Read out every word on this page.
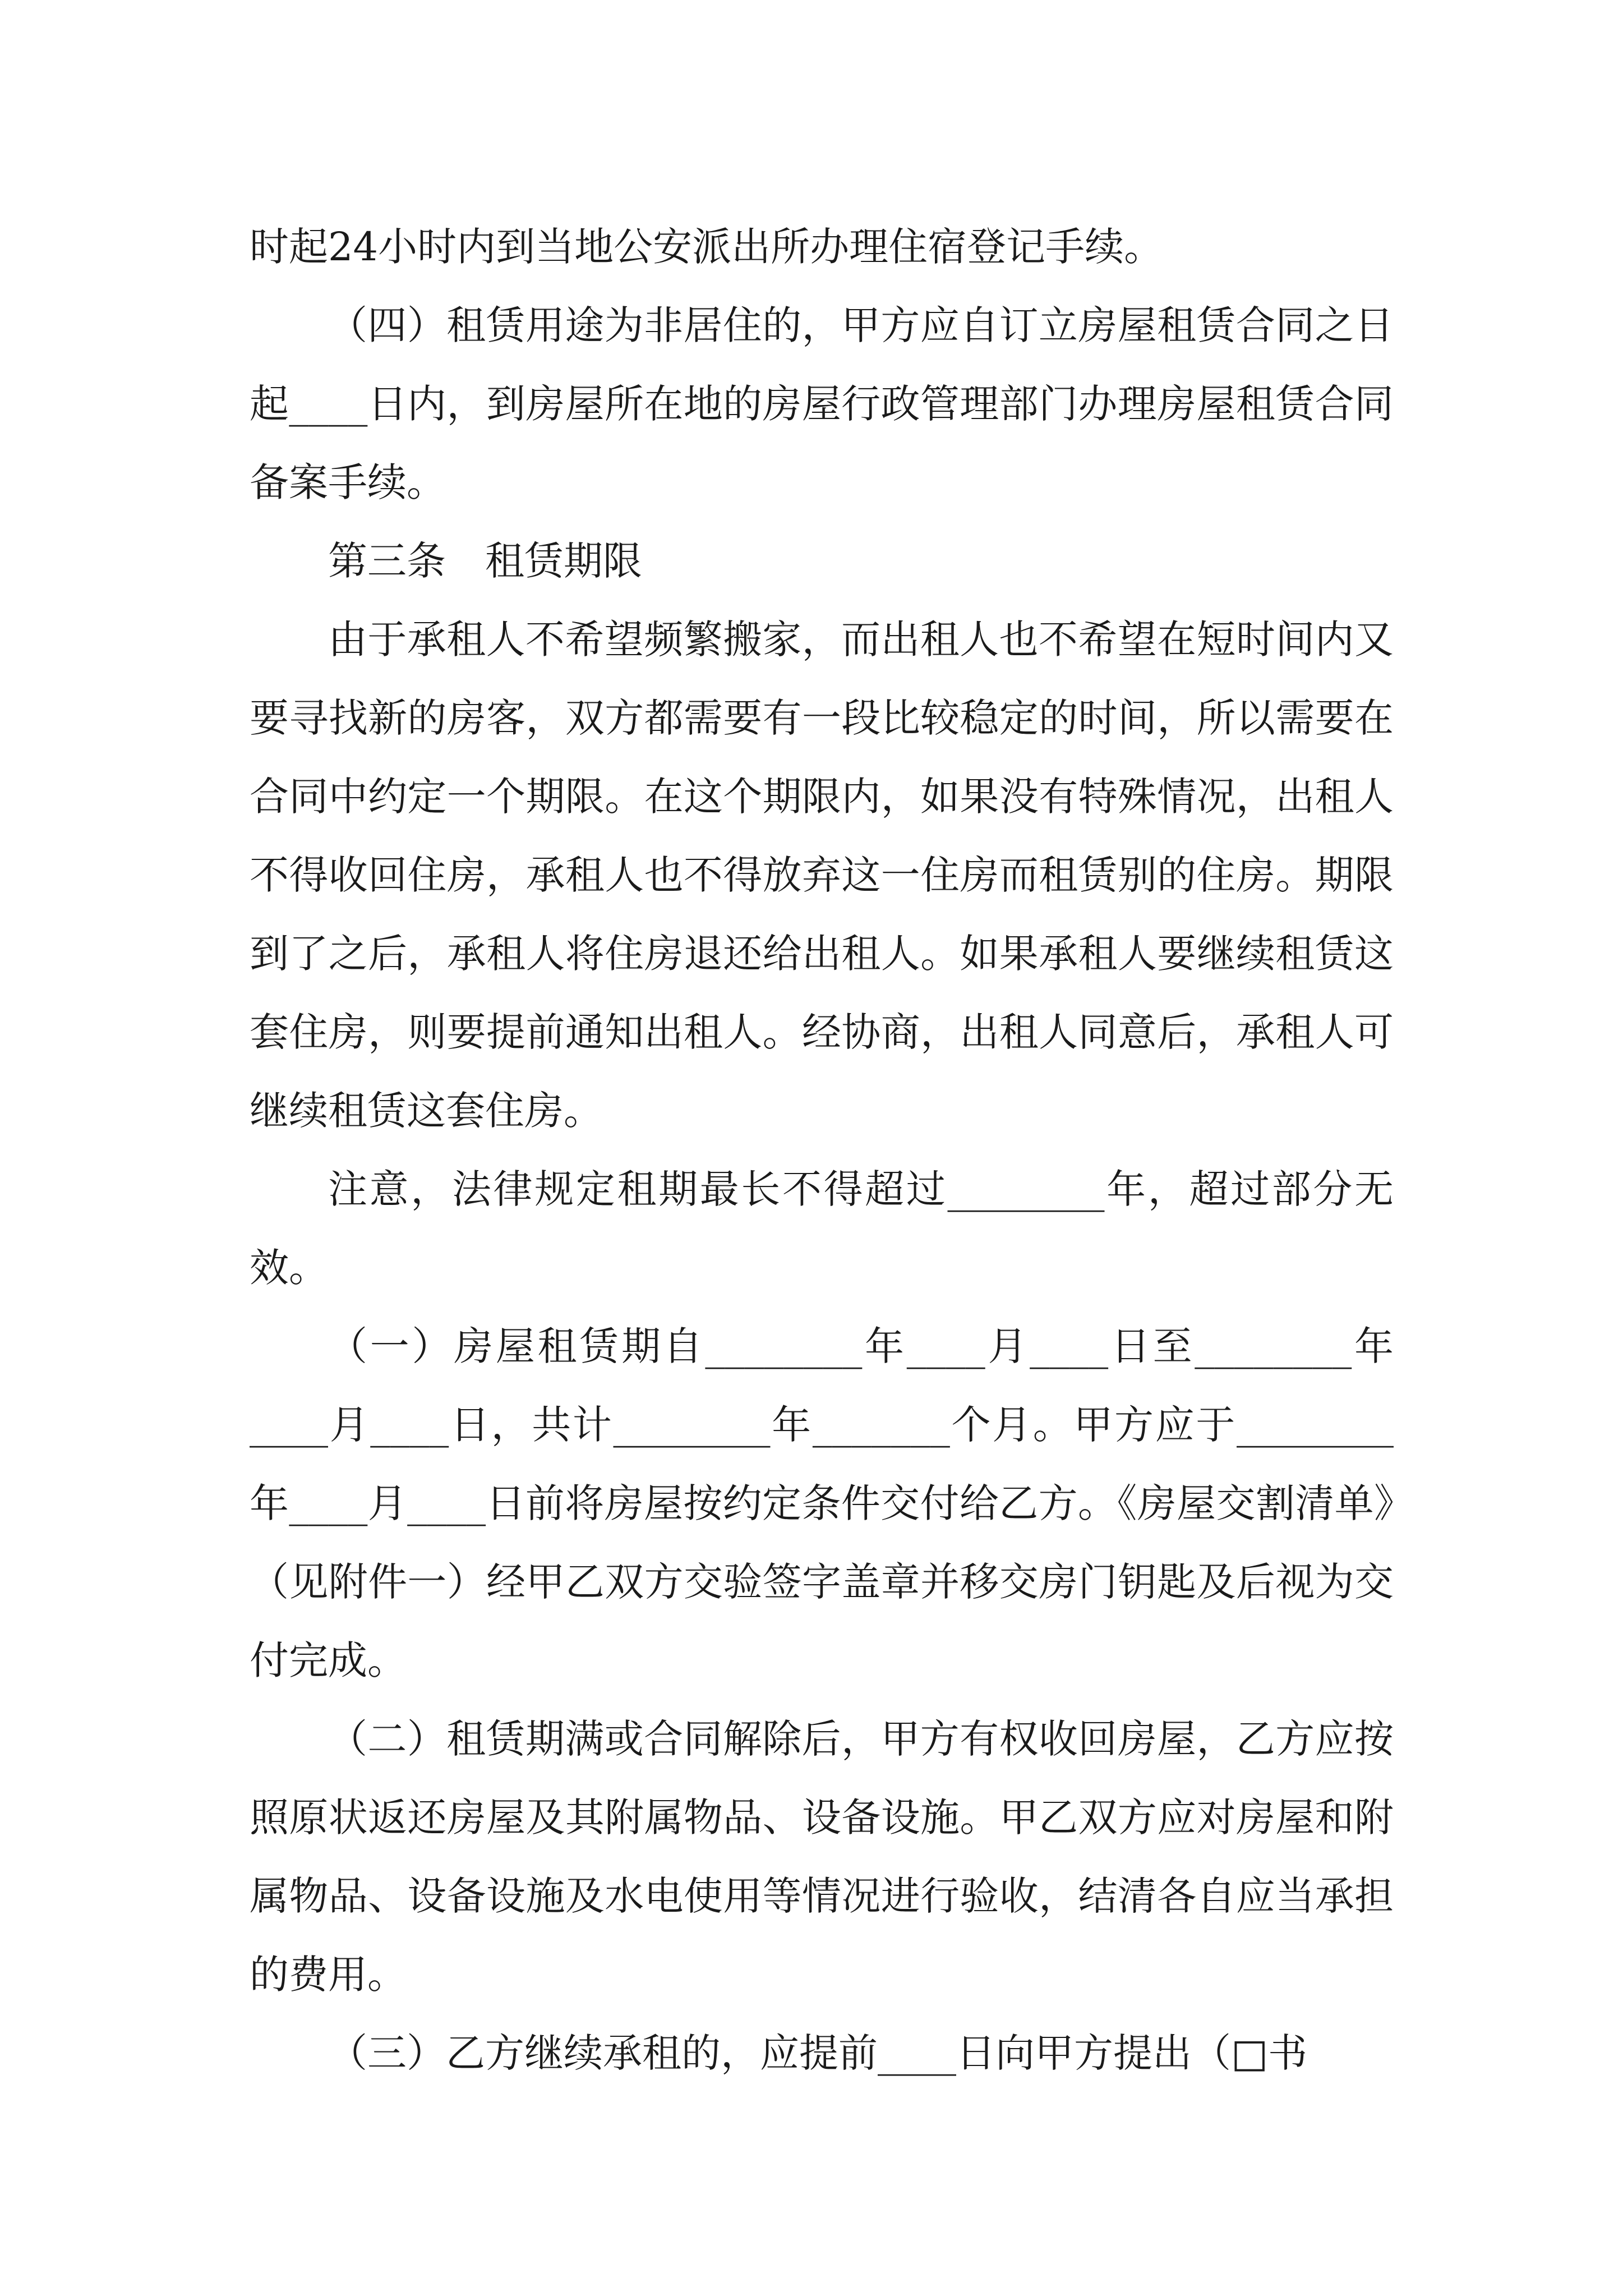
时起24小时内到当地公安派出所办理住宿登记手续。

（四）租赁用途为非居住的，甲方应自订立房屋租赁合同之日起____日内，到房屋所在地的房屋行政管理部门办理房屋租赁合同备案手续。

第三条　租赁期限

由于承租人不希望频繁搬家，而出租人也不希望在短时间内又要寻找新的房客，双方都需要有一段比较稳定的时间，所以需要在合同中约定一个期限。在这个期限内，如果没有特殊情况，出租人不得收回住房，承租人也不得放弃这一住房而租赁别的住房。期限到了之后，承租人将住房退还给出租人。如果承租人要继续租赁这套住房，则要提前通知出租人。经协商，出租人同意后，承租人可继续租赁这套住房。

注意，法律规定租期最长不得超过________年，超过部分无效。

（一）房屋租赁期自________年____月____日至________年____月____日，共计________年_______个月。甲方应于________年____月____日前将房屋按约定条件交付给乙方。《房屋交割清单》（见附件一）经甲乙双方交验签字盖章并移交房门钥匙及后视为交付完成。

（二）租赁期满或合同解除后，甲方有权收回房屋，乙方应按照原状返还房屋及其附属物品、设备设施。甲乙双方应对房屋和附属物品、设备设施及水电使用等情况进行验收，结清各自应当承担的费用。

（三）乙方继续承租的，应提前____日向甲方提出（□书
